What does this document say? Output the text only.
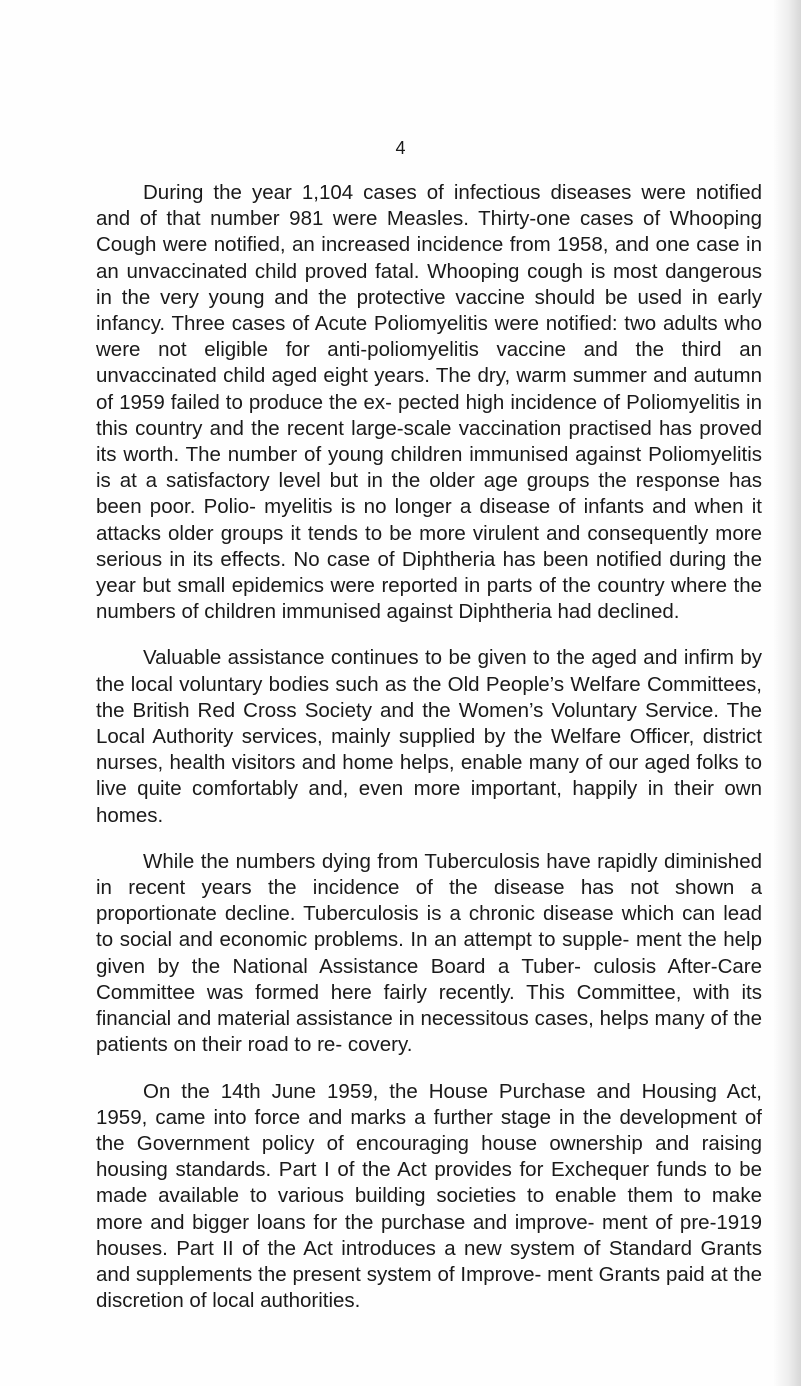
4

During the year 1,104 cases of infectious diseases were notified and of that number 981 were Measles. Thirty-one cases of Whooping Cough were notified, an increased incidence from 1958, and one case in an unvaccinated child proved fatal. Whooping cough is most dangerous in the very young and the protective vaccine should be used in early infancy. Three cases of Acute Poliomyelitis were notified: two adults who were not eligible for anti-poliomyelitis vaccine and the third an unvaccinated child aged eight years. The dry, warm summer and autumn of 1959 failed to produce the ex- pected high incidence of Poliomyelitis in this country and the recent large-scale vaccination practised has proved its worth. The number of young children immunised against Poliomyelitis is at a satisfactory level but in the older age groups the response has been poor. Polio- myelitis is no longer a disease of infants and when it attacks older groups it tends to be more virulent and consequently more serious in its effects. No case of Diphtheria has been notified during the year but small epidemics were reported in parts of the country where the numbers of children immunised against Diphtheria had declined.

Valuable assistance continues to be given to the aged and infirm by the local voluntary bodies such as the Old People’s Welfare Committees, the British Red Cross Society and the Women’s Voluntary Service. The Local Authority services, mainly supplied by the Welfare Officer, district nurses, health visitors and home helps, enable many of our aged folks to live quite comfortably and, even more important, happily in their own homes.

While the numbers dying from Tuberculosis have rapidly diminished in recent years the incidence of the disease has not shown a proportionate decline. Tuberculosis is a chronic disease which can lead to social and economic problems. In an attempt to supple- ment the help given by the National Assistance Board a Tuber- culosis After-Care Committee was formed here fairly recently. This Committee, with its financial and material assistance in necessitous cases, helps many of the patients on their road to re- covery.

On the 14th June 1959, the House Purchase and Housing Act, 1959, came into force and marks a further stage in the development of the Government policy of encouraging house ownership and raising housing standards. Part I of the Act provides for Exchequer funds to be made available to various building societies to enable them to make more and bigger loans for the purchase and improve- ment of pre-1919 houses. Part II of the Act introduces a new system of Standard Grants and supplements the present system of Improve- ment Grants paid at the discretion of local authorities.
